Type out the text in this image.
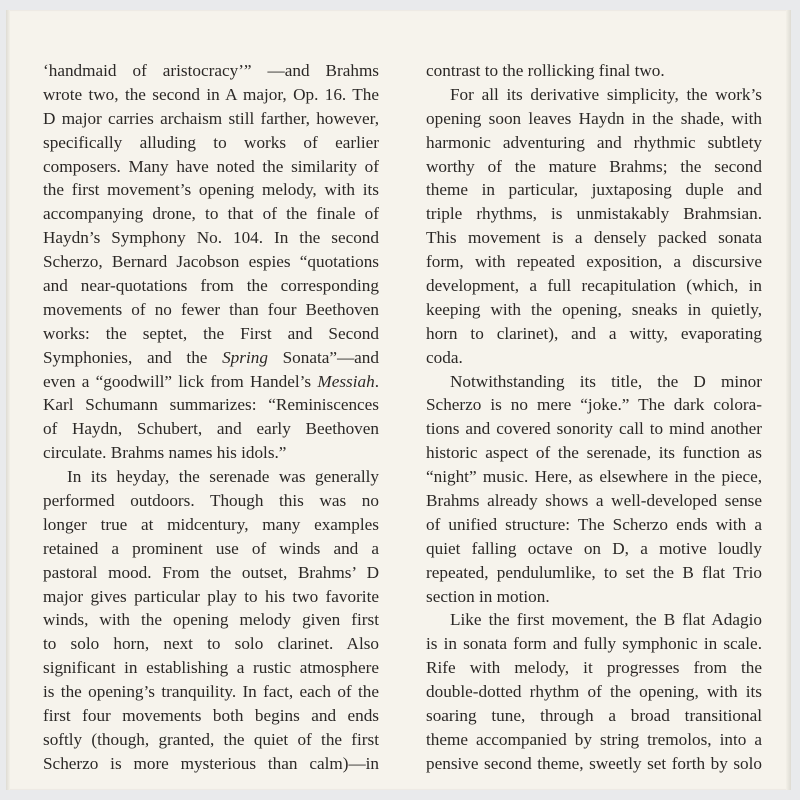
‘handmaid of aristocracy’” —and Brahms
wrote two, the second in A major, Op. 16. The
D major carries archaism still farther, however,
specifically alluding to works of earlier
composers. Many have noted the similarity of
the first movement’s opening melody, with its
accompanying drone, to that of the finale of
Haydn’s Symphony No. 104. In the second
Scherzo, Bernard Jacobson espies “quotations
and near-quotations from the corresponding
movements of no fewer than four Beethoven
works: the septet, the First and Second
Symphonies, and the Spring Sonata”—and
even a “goodwill” lick from Handel’s Messiah.
Karl Schumann summarizes: “Reminiscences
of Haydn, Schubert, and early Beethoven
circulate. Brahms names his idols.”
In its heyday, the serenade was generally
performed outdoors. Though this was no
longer true at midcentury, many examples
retained a prominent use of winds and a
pastoral mood. From the outset, Brahms’ D
major gives particular play to his two favorite
winds, with the opening melody given first
to solo horn, next to solo clarinet. Also
significant in establishing a rustic atmosphere
is the opening’s tranquility. In fact, each of the
first four movements both begins and ends
softly (though, granted, the quiet of the first
Scherzo is more mysterious than calm)—in
contrast to the rollicking final two.
For all its derivative simplicity, the work’s
opening soon leaves Haydn in the shade, with
harmonic adventuring and rhythmic subtlety
worthy of the mature Brahms; the second
theme in particular, juxtaposing duple and
triple rhythms, is unmistakably Brahmsian.
This movement is a densely packed sonata
form, with repeated exposition, a discursive
development, a full recapitulation (which, in
keeping with the opening, sneaks in quietly,
horn to clarinet), and a witty, evaporating
coda.
Notwithstanding its title, the D minor
Scherzo is no mere “joke.” The dark colora-
tions and covered sonority call to mind another
historic aspect of the serenade, its function as
“night” music. Here, as elsewhere in the piece,
Brahms already shows a well-developed sense
of unified structure: The Scherzo ends with a
quiet falling octave on D, a motive loudly
repeated, pendulumlike, to set the B flat Trio
section in motion.
Like the first movement, the B flat Adagio
is in sonata form and fully symphonic in scale.
Rife with melody, it progresses from the
double-dotted rhythm of the opening, with its
soaring tune, through a broad transitional
theme accompanied by string tremolos, into a
pensive second theme, sweetly set forth by solo
